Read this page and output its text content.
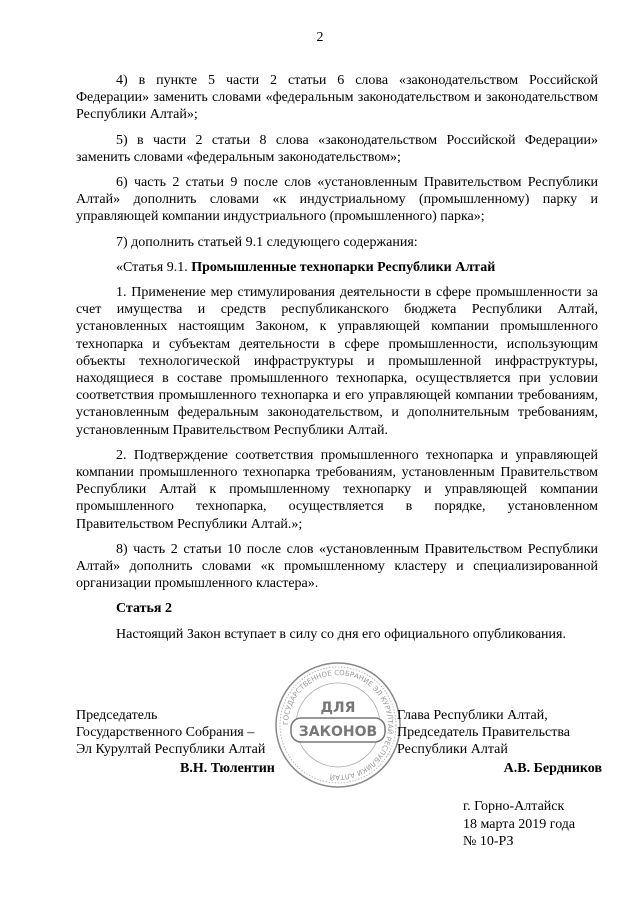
2

4) в пункте 5 части 2 статьи 6 слова «законодательством Российской Федерации» заменить словами «федеральным законодательством и законодательством Республики Алтай»;

5) в части 2 статьи 8 слова «законодательством Российской Федерации» заменить словами «федеральным законодательством»;

6) часть 2 статьи 9 после слов «установленным Правительством Республики Алтай» дополнить словами «к индустриальному (промышленному) парку и управляющей компании индустриального (промышленного) парка»;

7) дополнить статьей 9.1 следующего содержания:

«Статья 9.1. Промышленные технопарки Республики Алтай

1. Применение мер стимулирования деятельности в сфере промышленности за счет имущества и средств республиканского бюджета Республики Алтай, установленных настоящим Законом, к управляющей компании промышленного технопарка и субъектам деятельности в сфере промышленности, использующим объекты технологической инфраструктуры и промышленной инфраструктуры, находящиеся в составе промышленного технопарка, осуществляется при условии соответствия промышленного технопарка и его управляющей компании требованиям, установленным федеральным законодательством, и дополнительным требованиям, установленным Правительством Республики Алтай.

2. Подтверждение соответствия промышленного технопарка и управляющей компании промышленного технопарка требованиям, установленным Правительством Республики Алтай к промышленному технопарку и управляющей компании промышленного технопарка, осуществляется в порядке, установленном Правительством Республики Алтай.»;

8) часть 2 статьи 10 после слов «установленным Правительством Республики Алтай» дополнить словами «к промышленному кластеру и специализированной организации промышленного кластера».

Статья 2

Настоящий Закон вступает в силу со дня его официального опубликования.

ГОСУДАРСТВЕННОЕ СОБРАНИЕ ЭЛ КУРУЛТАЙ РЕСПУБЛИКИ АЛТАЙ
ДЛЯ
ЗАКОНОВ
Председатель
Государственного Собрания –
Эл Курултай Республики Алтай
В.Н. Тюлентин
Глава Республики Алтай,
Председатель Правительства
Республики Алтай
А.В. Бердников
г. Горно-Алтайск
18 марта 2019 года
№ 10-РЗ
